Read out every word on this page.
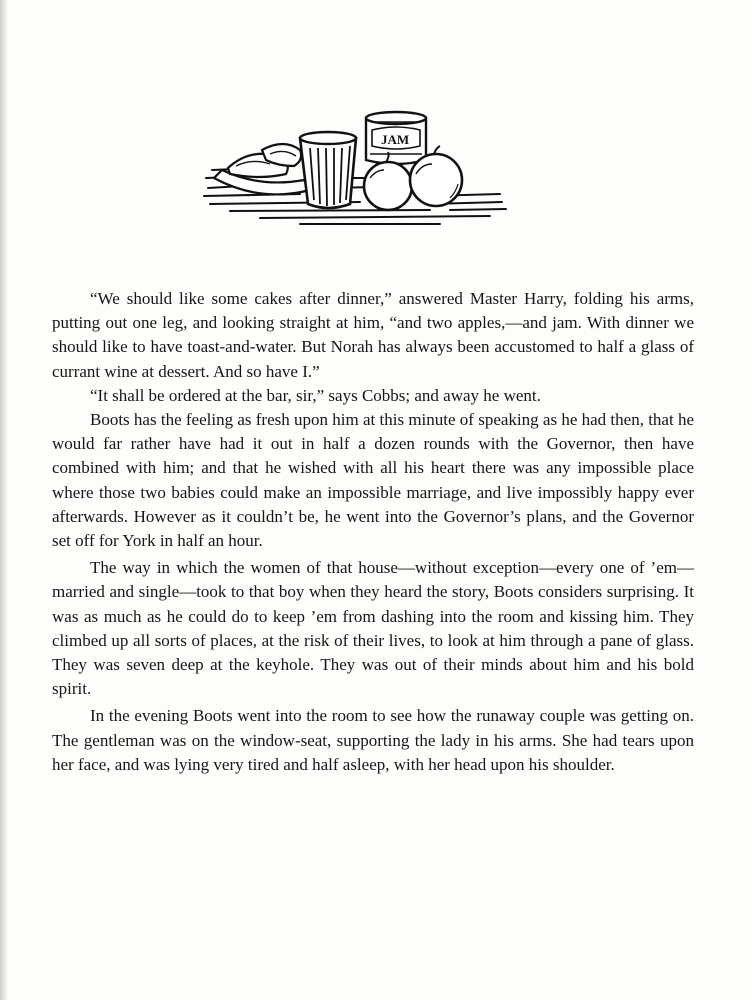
JAM

“We should like some cakes after dinner,” answered Master Harry, folding his arms, putting out one leg, and looking straight at him, “and two apples,—and jam. With dinner we should like to have toast-and-water. But Norah has always been accustomed to half a glass of currant wine at dessert. And so have I.”

“It shall be ordered at the bar, sir,” says Cobbs; and away he went.

Boots has the feeling as fresh upon him at this minute of speaking as he had then, that he would far rather have had it out in half a dozen rounds with the Governor, then have combined with him; and that he wished with all his heart there was any impossible place where those two babies could make an impossible marriage, and live impossibly happy ever afterwards. However as it couldn’t be, he went into the Governor’s plans, and the Governor set off for York in half an hour.

The way in which the women of that house—without exception—every one of ’em—married and single—took to that boy when they heard the story, Boots considers surprising. It was as much as he could do to keep ’em from dashing into the room and kissing him. They climbed up all sorts of places, at the risk of their lives, to look at him through a pane of glass. They was seven deep at the keyhole. They was out of their minds about him and his bold spirit.

In the evening Boots went into the room to see how the runaway couple was getting on. The gentleman was on the window-seat, supporting the lady in his arms. She had tears upon her face, and was lying very tired and half asleep, with her head upon his shoulder.
